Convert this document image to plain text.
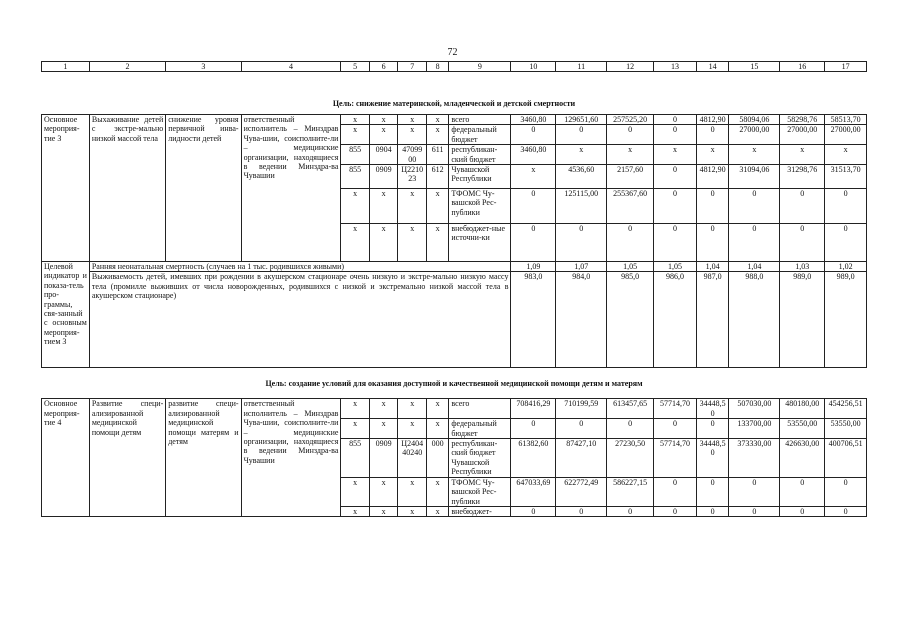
72
1	2	3	4	5	6	7	8	9	10	11	12	13	14	15	16	17
Цель: снижение материнской, младенческой и детской смертности																
Основное мероприя-тие 3	Выхаживание детей с экстре-мально низкой массой тела	снижение уровня первичной инва-лидности детей	ответственный исполнитель – Минздрав Чува-шии, соисполните-ли – медицинские организации, находящиеся в ведении Минздра-ва Чувашии	x	x	x	x	всего	3460,80	129651,60	257525,20	0	4812,90	58094,06	58298,76	58513,70
				x	x	x	x	федеральный бюджет	0	0	0	0	0	27000,00	27000,00	27000,00
				855	0904	47099 00	611	республикан-ский бюджет	3460,80	x	x	x	x	x	x	x
				855	0909	Ц2210 23	612	Чувашской Республики	x	4536,60	2157,60	0	4812,90	31094,06	31298,76	31513,70
				x	x	x	x	ТФОМС Чу-вашской Рес-публики	0	125115,00	255367,60	0	0	0	0	0
				x	x	x	x	внебюджет-ные источни-ки	0	0	0	0	0	0	0	0
Целевой индикатор и показа-тель про-граммы, свя-занный с основным мероприя-тием 3	Ранняя неонатальная смертность (случаев на 1 тыс. родившихся живыми)								1,09	1,07	1,05	1,05	1,04	1,04	1,03	1,02
	Выживаемость детей, имевших при рождении в акушерском стационаре очень низкую и экстре-мально низкую массу тела (промилле выживших от числа новорожденных, родившихся с низкой и экстремально низкой массой тела в акушерском стационаре)								983,0	984,0	985,0	986,0	987,0	988,0	989,0	989,0
Цель: создание условий для оказания доступной и качественной медицинской помощи детям и матерям																
Основное мероприя-тие 4	Развитие специ-ализированной медицинской помощи детям	развитие специ-ализированной медицинской помощи матерям и детям	ответственный исполнитель – Минздрав Чува-шии, соисполните-ли – медицинские организации, находящиеся в ведении Минздра-ва Чувашии	x	x	x	x	всего	708416,29	710199,59	613457,65	57714,70	34448,50	507030,00	480180,00	454256,51
				x	x	x	x	федеральный бюджет	0	0	0	0	0	133700,00	53550,00	53550,00
				855	0909	Ц2404 40240	000	республикан-ский бюджет Чувашской Республики	61382,60	87427,10	27230,50	57714,70	34448,50	373330,00	426630,00	400706,51
				x	x	x	x	ТФОМС Чу-вашской Рес-публики	647033,69	622772,49	586227,15	0	0	0	0	0
				x	x	x	x	внебюджет-	0	0	0	0	0	0	0	0
